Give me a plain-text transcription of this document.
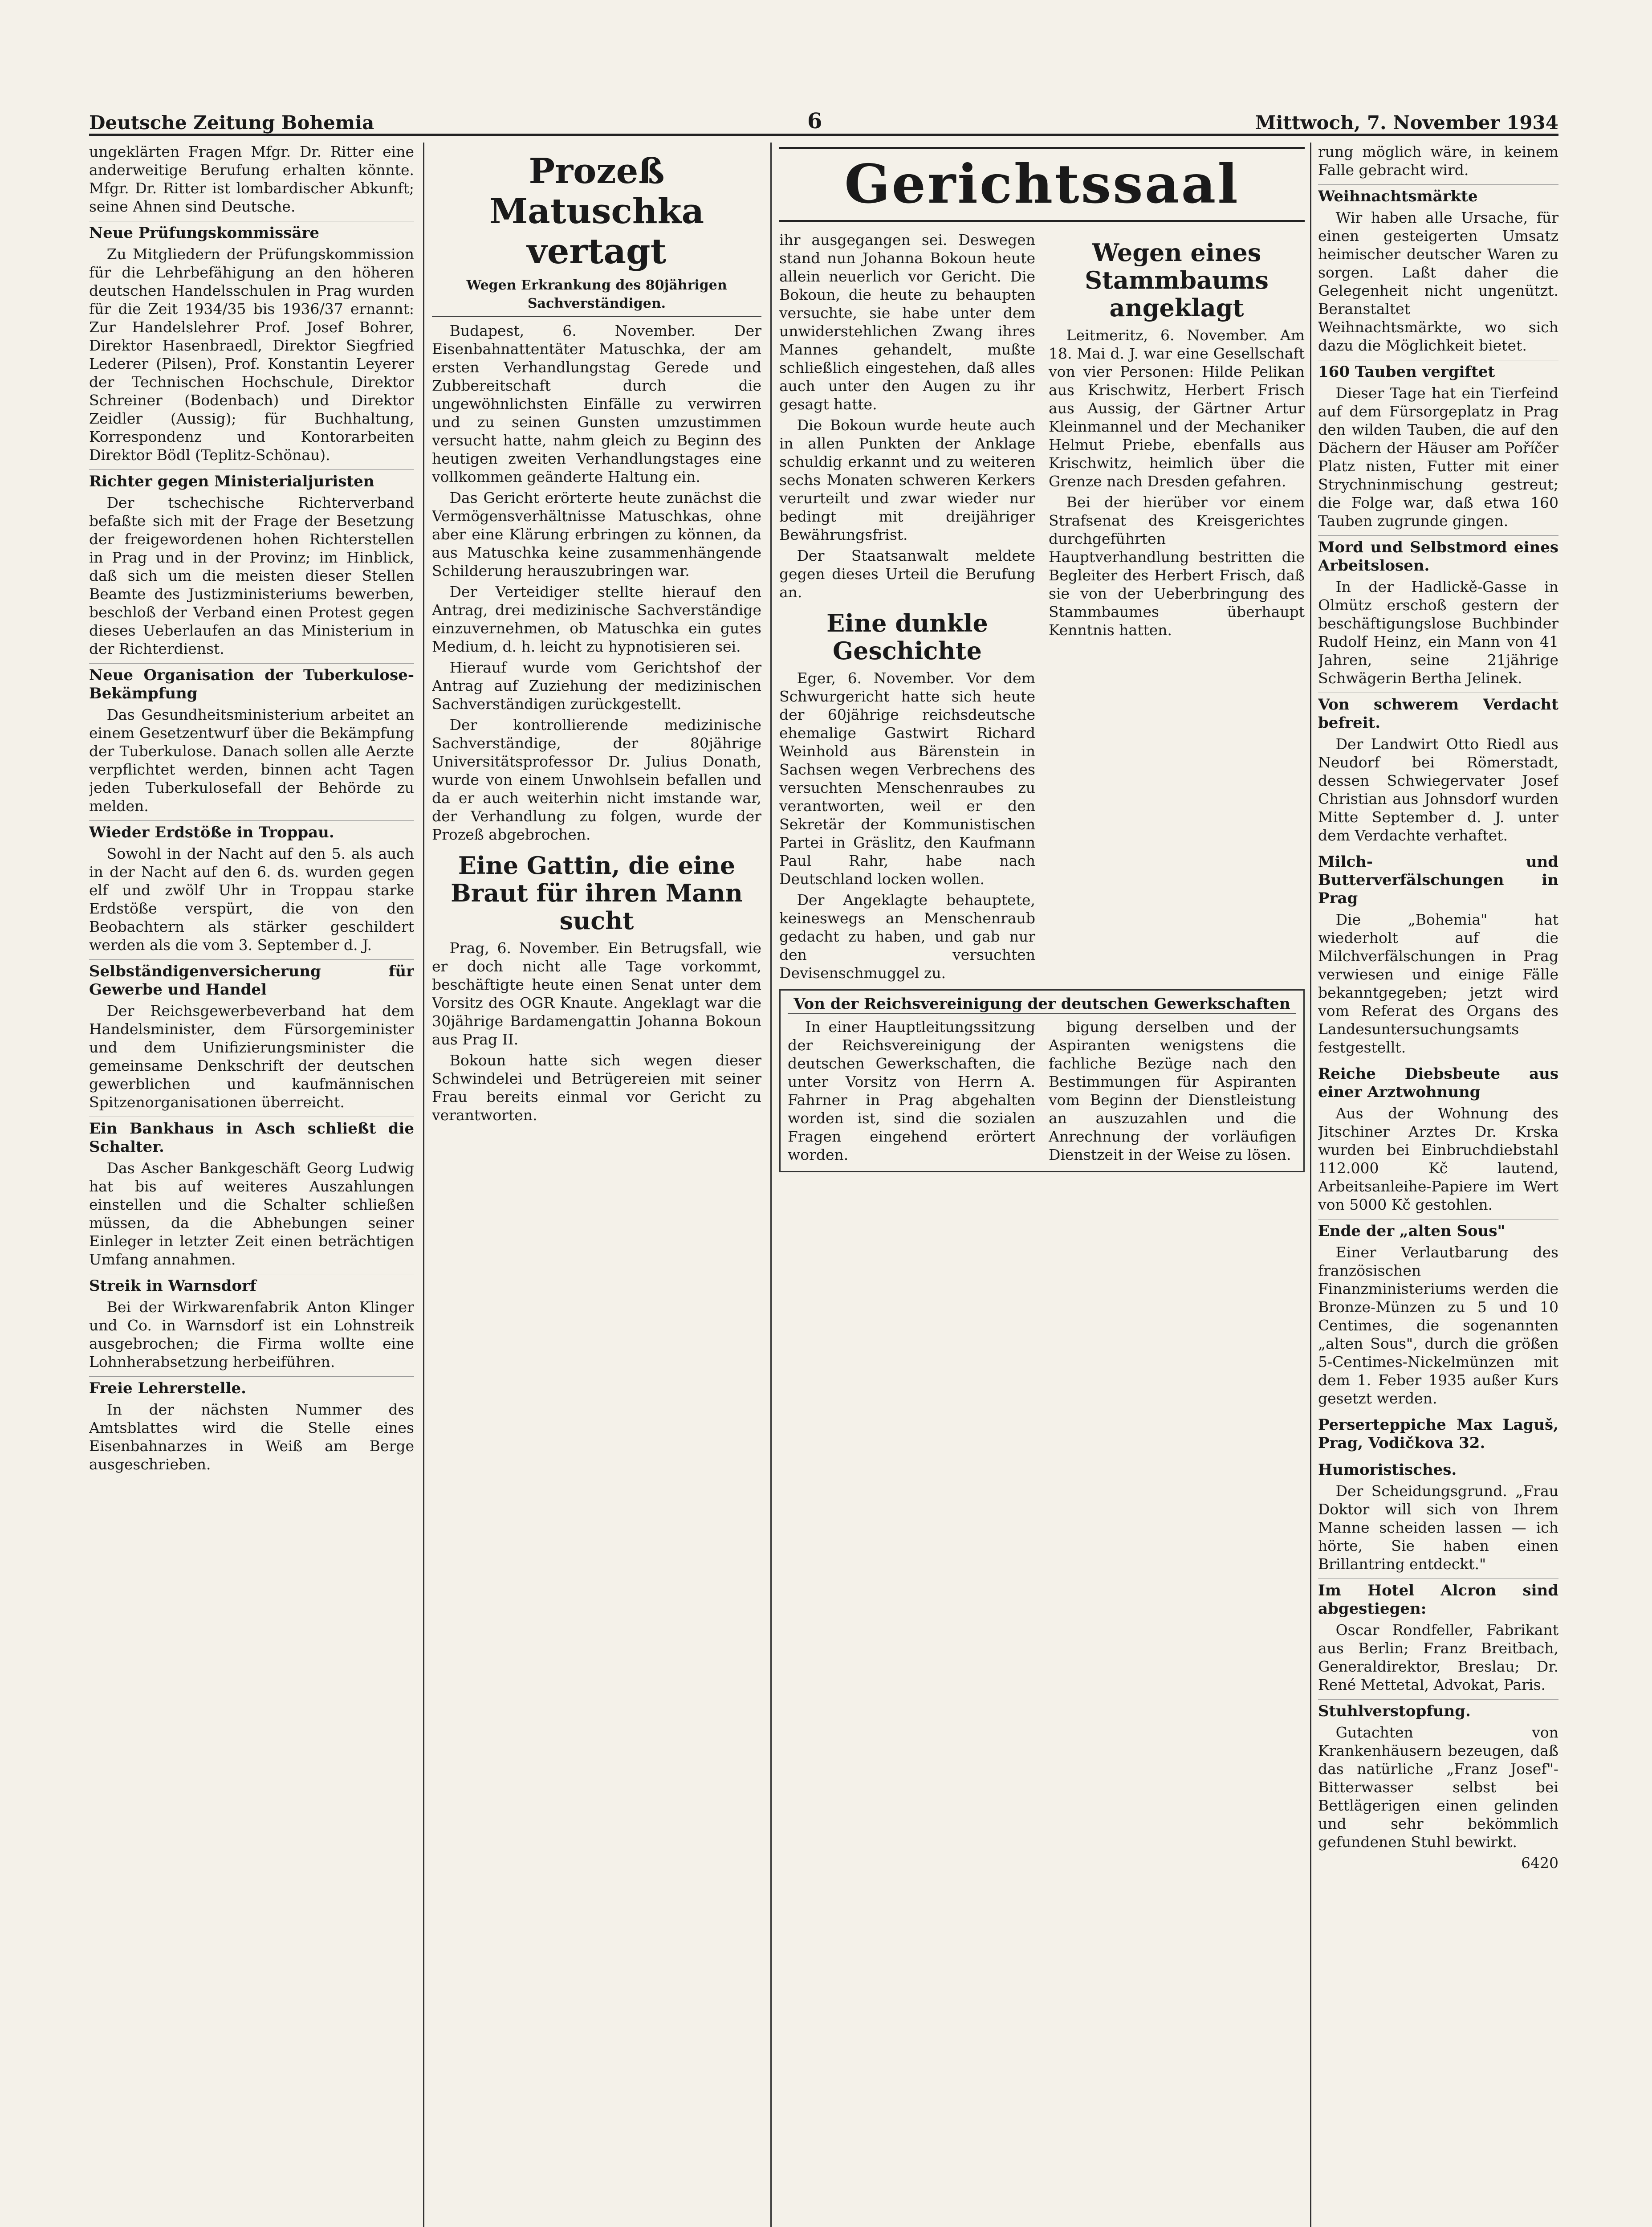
Deutsche Zeitung Bohemia	6	Mittwoch, 7. November 1934

ungeklärten Fragen Mfgr. Dr. Ritter eine anderweitige Berufung erhalten könnte. Mfgr. Dr. Ritter ist lombardischer Abkunft; seine Ahnen sind Deutsche.

Neue Prüfungskommissäre

Zu Mitgliedern der Prüfungskommission für die Lehrbefähigung an den höheren deutschen Handelsschulen in Prag wurden für die Zeit 1934/35 bis 1936/37 ernannt: Zur Handelslehrer Prof. Josef Bohrer, Direktor Hasenbraedl, Direktor Siegfried Lederer (Pilsen), Prof. Konstantin Leyerer der Technischen Hochschule, Direktor Schreiner (Bodenbach) und Direktor Zeidler (Aussig); für Buchhaltung, Korrespondenz und Kontorarbeiten Direktor Bödl (Teplitz-Schönau).

Richter gegen Ministerialjuristen

Der tschechische Richterverband befaßte sich mit der Frage der Besetzung der freigewordenen hohen Richterstellen in Prag und in der Provinz; im Hinblick, daß sich um die meisten dieser Stellen Beamte des Justizministeriums bewerben, beschloß der Verband einen Protest gegen dieses Ueberlaufen an das Ministerium in der Richterdienst.

Neue Organisation der Tuberkulose-Bekämpfung

Das Gesundheitsministerium arbeitet an einem Gesetzentwurf über die Bekämpfung der Tuberkulose. Danach sollen alle Aerzte verpflichtet werden, binnen acht Tagen jeden Tuberkulosefall der Behörde zu melden.

Wieder Erdstöße in Troppau.

Sowohl in der Nacht auf den 5. als auch in der Nacht auf den 6. ds. wurden gegen elf und zwölf Uhr in Troppau starke Erdstöße verspürt, die von den Beobachtern als stärker geschildert werden als die vom 3. September d. J.

Selbständigenversicherung für Gewerbe und Handel

Der Reichsgewerbeverband hat dem Handelsminister, dem Fürsorgeminister und dem Unifizierungsminister die gemeinsame Denkschrift der deutschen gewerblichen und kaufmännischen Spitzenorganisationen überreicht.

Ein Bankhaus in Asch schließt die Schalter.

Das Ascher Bankgeschäft Georg Ludwig hat bis auf weiteres Auszahlungen einstellen und die Schalter schließen müssen, da die Abhebungen seiner Einleger in letzter Zeit einen beträchtigen Umfang annahmen.

Streik in Warnsdorf

Bei der Wirkwarenfabrik Anton Klinger und Co. in Warnsdorf ist ein Lohnstreik ausgebrochen; die Firma wollte eine Lohnherabsetzung herbeiführen.

Freie Lehrerstelle.

In der nächsten Nummer des Amtsblattes wird die Stelle eines Eisenbahnarzes in Weiß am Berge ausgeschrieben.

Prozeß Matuschka vertagt
Wegen Erkrankung des 80jährigen Sachverständigen.

Budapest, 6. November. Der Eisenbahnattentäter Matuschka, der am ersten Verhandlungstag Gerede und Zubbereitschaft durch die ungewöhnlichsten Einfälle zu verwirren und zu seinen Gunsten umzustimmen versucht hatte, nahm gleich zu Beginn des heutigen zweiten Verhandlungstages eine vollkommen geänderte Haltung ein.

Das Gericht erörterte heute zunächst die Vermögensverhältnisse Matuschkas, ohne aber eine Klärung erbringen zu können, da aus Matuschka keine zusammenhängende Schilderung herauszubringen war.

Der Verteidiger stellte hierauf den Antrag, drei medizinische Sachverständige einzuvernehmen, ob Matuschka ein gutes Medium, d. h. leicht zu hypnotisieren sei.

Hierauf wurde vom Gerichtshof der Antrag auf Zuziehung der medizinischen Sachverständigen zurückgestellt.

Der kontrollierende medizinische Sachverständige, der 80jährige Universitätsprofessor Dr. Julius Donath, wurde von einem Unwohlsein befallen und da er auch weiterhin nicht imstande war, der Verhandlung zu folgen, wurde der Prozeß abgebrochen.

Eine Gattin, die eine Braut für ihren Mann sucht

Prag, 6. November. Ein Betrugsfall, wie er doch nicht alle Tage vorkommt, beschäftigte heute einen Senat unter dem Vorsitz des OGR Knaute. Angeklagt war die 30jährige Bardamengattin Johanna Bokoun aus Prag II.

Bokoun hatte sich wegen dieser Schwindelei und Betrügereien mit seiner Frau bereits einmal vor Gericht zu verantworten.

Gerichtssaal

ihr ausgegangen sei. Deswegen stand nun Johanna Bokoun heute allein neuerlich vor Gericht. Die Bokoun, die heute zu behaupten versuchte, sie habe unter dem unwiderstehlichen Zwang ihres Mannes gehandelt, mußte schließlich eingestehen, daß alles auch unter den Augen zu ihr gesagt hatte.

Die Bokoun wurde heute auch in allen Punkten der Anklage schuldig erkannt und zu weiteren sechs Monaten schweren Kerkers verurteilt und zwar wieder nur bedingt mit dreijähriger Bewährungsfrist.

Der Staatsanwalt meldete gegen dieses Urteil die Berufung an.

Eine dunkle Geschichte

Eger, 6. November. Vor dem Schwurgericht hatte sich heute der 60jährige reichsdeutsche ehemalige Gastwirt Richard Weinhold aus Bärenstein in Sachsen wegen Verbrechens des versuchten Menschenraubes zu verantworten, weil er den Sekretär der Kommunistischen Partei in Gräslitz, den Kaufmann Paul Rahr, habe nach Deutschland locken wollen.

Der Angeklagte behauptete, keineswegs an Menschenraub gedacht zu haben, und gab nur den versuchten Devisenschmuggel zu.

Wegen eines Stammbaums angeklagt

Leitmeritz, 6. November. Am 18. Mai d. J. war eine Gesellschaft von vier Personen: Hilde Pelikan aus Krischwitz, Herbert Frisch aus Aussig, der Gärtner Artur Kleinmannel und der Mechaniker Helmut Priebe, ebenfalls aus Krischwitz, heimlich über die Grenze nach Dresden gefahren.

Bei der hierüber vor einem Strafsenat des Kreisgerichtes durchgeführten Hauptverhandlung bestritten die Begleiter des Herbert Frisch, daß sie von der Ueberbringung des Stammbaumes überhaupt Kenntnis hatten.

Von der Reichsvereinigung der deutschen Gewerkschaften

In einer Hauptleitungssitzung der Reichsvereinigung der deutschen Gewerkschaften, die unter Vorsitz von Herrn A. Fahrner in Prag abgehalten worden ist, sind die sozialen Fragen eingehend erörtert worden.

bigung derselben und der Aspiranten wenigstens die fachliche Bezüge nach den Bestimmungen für Aspiranten vom Beginn der Dienstleistung an auszuzahlen und die Anrechnung der vorläufigen Dienstzeit in der Weise zu lösen.

rung möglich wäre, in keinem Falle gebracht wird.

Weihnachtsmärkte

Wir haben alle Ursache, für einen gesteigerten Umsatz heimischer deutscher Waren zu sorgen. Laßt daher die Gelegenheit nicht ungenützt. Beranstaltet Weihnachtsmärkte, wo sich dazu die Möglichkeit bietet.

160 Tauben vergiftet

Dieser Tage hat ein Tierfeind auf dem Fürsorgeplatz in Prag den wilden Tauben, die auf den Dächern der Häuser am Poříčer Platz nisten, Futter mit einer Strychninmischung gestreut; die Folge war, daß etwa 160 Tauben zugrunde gingen.

Mord und Selbstmord eines Arbeitslosen.

In der Hadlickě-Gasse in Olmütz erschoß gestern der beschäftigungslose Buchbinder Rudolf Heinz, ein Mann von 41 Jahren, seine 21jährige Schwägerin Bertha Jelinek.

Von schwerem Verdacht befreit.

Der Landwirt Otto Riedl aus Neudorf bei Römerstadt, dessen Schwiegervater Josef Christian aus Johnsdorf wurden Mitte September d. J. unter dem Verdachte verhaftet.

Milch- und Butterverfälschungen in Prag

Die „Bohemia" hat wiederholt auf die Milchverfälschungen in Prag verwiesen und einige Fälle bekanntgegeben; jetzt wird vom Referat des Organs des Landesuntersuchungsamts festgestellt.

Reiche Diebsbeute aus einer Arztwohnung

Aus der Wohnung des Jitschiner Arztes Dr. Krska wurden bei Einbruchdiebstahl 112.000 Kč lautend, Arbeitsanleihe-Papiere im Wert von 5000 Kč gestohlen.

Ende der „alten Sous"

Einer Verlautbarung des französischen Finanzministeriums werden die Bronze-Münzen zu 5 und 10 Centimes, die sogenannten „alten Sous", durch die größen 5-Centimes-Nickelmünzen mit dem 1. Feber 1935 außer Kurs gesetzt werden.

Perserteppiche Max Laguš, Prag, Vodičkova 32.

Humoristisches.

Der Scheidungsgrund. „Frau Doktor will sich von Ihrem Manne scheiden lassen — ich hörte, Sie haben einen Brillantring entdeckt."

Im Hotel Alcron sind abgestiegen:

Oscar Rondfeller, Fabrikant aus Berlin; Franz Breitbach, Generaldirektor, Breslau; Dr. René Mettetal, Advokat, Paris.

Stuhlverstopfung.

Gutachten von Krankenhäusern bezeugen, daß das natürliche „Franz Josef"-Bitterwasser selbst bei Bettlägerigen einen gelinden und sehr bekömmlich gefundenen Stuhl bewirkt.

6420
